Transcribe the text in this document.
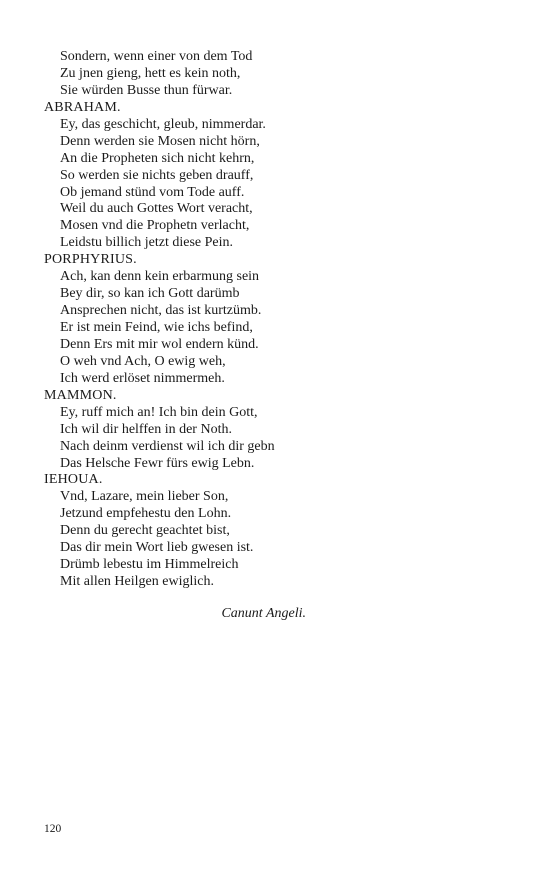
Sondern, wenn einer von dem Tod
Zu jnen gieng, hett es kein noth,
Sie würden Busse thun fürwar.
ABRAHAM.
Ey, das geschicht, gleub, nimmerdar.
Denn werden sie Mosen nicht hörn,
An die Propheten sich nicht kehrn,
So werden sie nichts geben drauff,
Ob jemand stünd vom Tode auff.
Weil du auch Gottes Wort veracht,
Mosen vnd die Prophetn verlacht,
Leidstu billich jetzt diese Pein.
PORPHYRIUS.
Ach, kan denn kein erbarmung sein
Bey dir, so kan ich Gott darümb
Ansprechen nicht, das ist kurtzümb.
Er ist mein Feind, wie ichs befind,
Denn Ers mit mir wol endern künd.
O weh vnd Ach, O ewig weh,
Ich werd erlöset nimmermeh.
MAMMON.
Ey, ruff mich an! Ich bin dein Gott,
Ich wil dir helffen in der Noth.
Nach deinm verdienst wil ich dir gebn
Das Helsche Fewr fürs ewig Lebn.
IEHOUA.
Vnd, Lazare, mein lieber Son,
Jetzund empfehestu den Lohn.
Denn du gerecht geachtet bist,
Das dir mein Wort lieb gwesen ist.
Drümb lebestu im Himmelreich
Mit allen Heilgen ewiglich.
Canunt Angeli.
120
